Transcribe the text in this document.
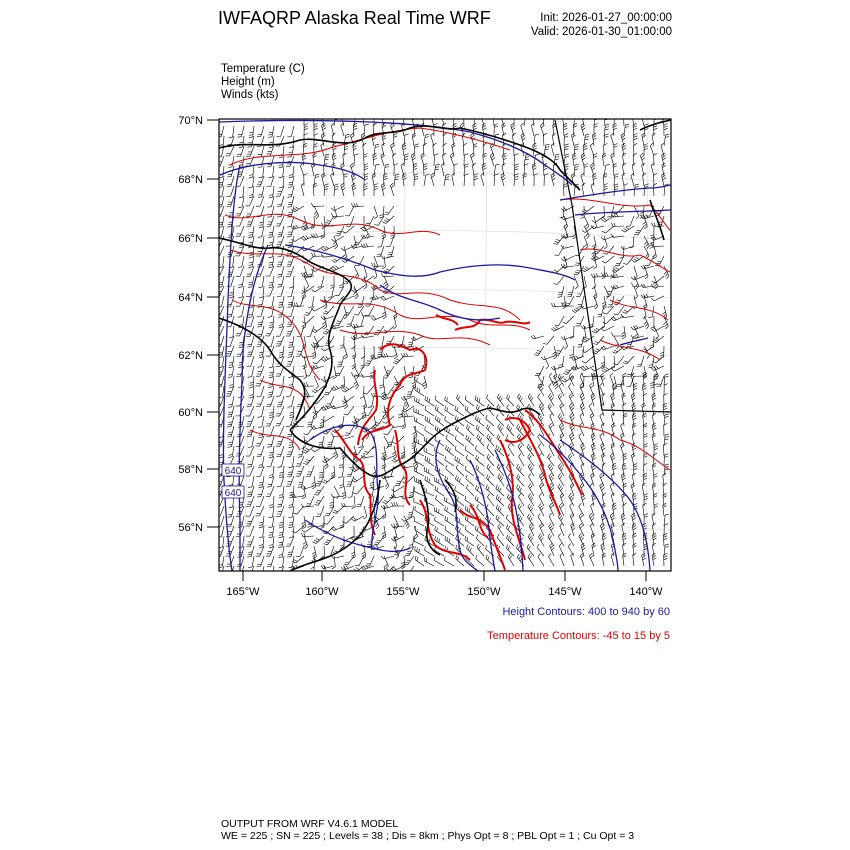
IWFAQRP Alaska Real Time WRF	Init: 2026-01-27_00:00:00
Valid: 2026-01-30_01:00:00
Temperature (C)
Height (m)
Winds (kts)
70°N
68°N
66°N
64°N
62°N
60°N
58°N
56°N
165°W	160°W	155°W	150°W	145°W	140°W
640
640
Height Contours: 400 to 940 by 60
Temperature Contours: -45 to 15 by 5
OUTPUT FROM WRF V4.6.1 MODEL
WE = 225 ; SN = 225 ; Levels = 38 ; Dis = 8km ; Phys Opt = 8 ; PBL Opt = 1 ; Cu Opt = 3
